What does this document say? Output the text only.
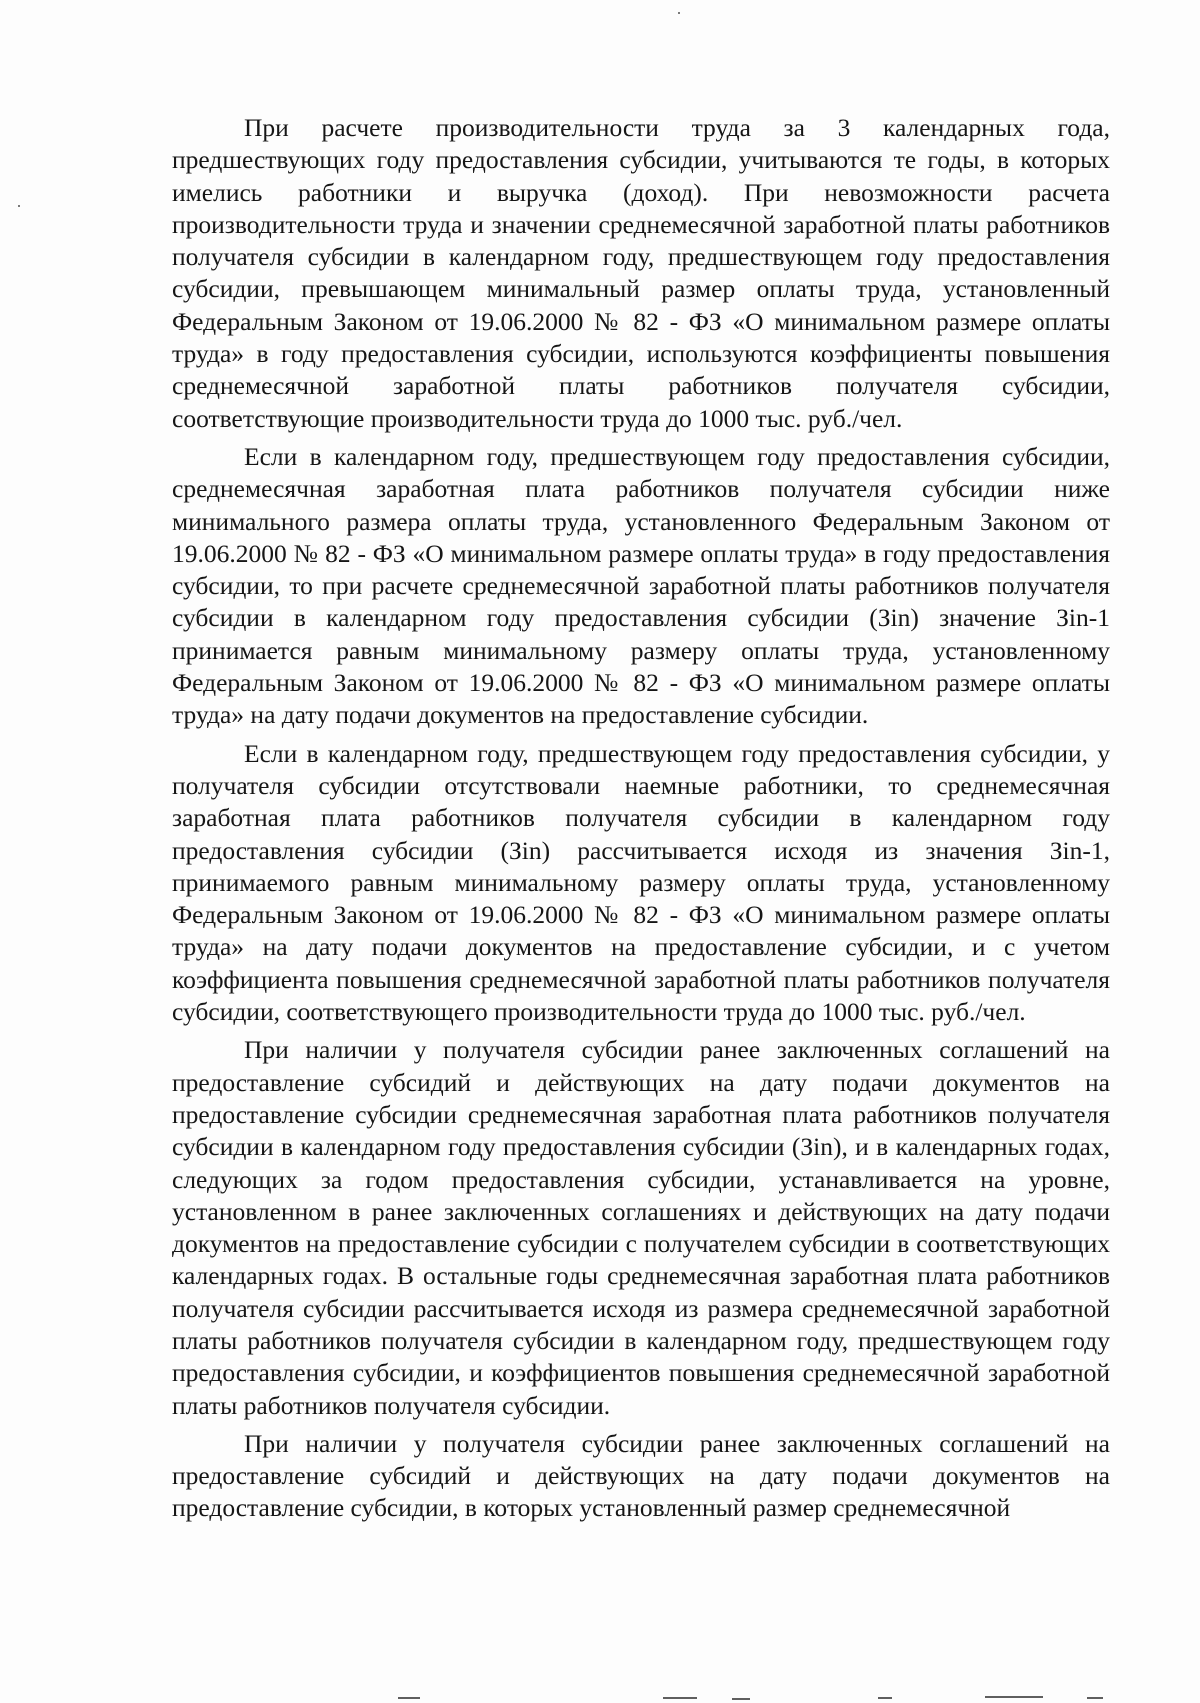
При расчете производительности труда за 3 календарных года, предшествующих году предоставления субсидии, учитываются те годы, в которых имелись работники и выручка (доход). При невозможности расчета производительности труда и значении среднемесячной заработной платы работников получателя субсидии в календарном году, предшествующем году предоставления субсидии, превышающем минимальный размер оплаты труда, установленный Федеральным Законом от 19.06.2000 № 82 - ФЗ «О минимальном размере оплаты труда» в году предоставления субсидии, используются коэффициенты повышения среднемесячной заработной платы работников получателя субсидии, соответствующие производительности труда до 1000 тыс. руб./чел.

Если в календарном году, предшествующем году предоставления субсидии, среднемесячная заработная плата работников получателя субсидии ниже минимального размера оплаты труда, установленного Федеральным Законом от 19.06.2000 № 82 - ФЗ «О минимальном размере оплаты труда» в году предоставления субсидии, то при расчете среднемесячной заработной платы работников получателя субсидии в календарном году предоставления субсидии (Зin) значение Зin-1 принимается равным минимальному размеру оплаты труда, установленному Федеральным Законом от 19.06.2000 № 82 - ФЗ «О минимальном размере оплаты труда» на дату подачи документов на предоставление субсидии.

Если в календарном году, предшествующем году предоставления субсидии, у получателя субсидии отсутствовали наемные работники, то среднемесячная заработная плата работников получателя субсидии в календарном году предоставления субсидии (Зin) рассчитывается исходя из значения Зin-1, принимаемого равным минимальному размеру оплаты труда, установленному Федеральным Законом от 19.06.2000 № 82 - ФЗ «О минимальном размере оплаты труда» на дату подачи документов на предоставление субсидии, и с учетом коэффициента повышения среднемесячной заработной платы работников получателя субсидии, соответствующего производительности труда до 1000 тыс. руб./чел.

При наличии у получателя субсидии ранее заключенных соглашений на предоставление субсидий и действующих на дату подачи документов на предоставление субсидии среднемесячная заработная плата работников получателя субсидии в календарном году предоставления субсидии (Зin), и в календарных годах, следующих за годом предоставления субсидии, устанавливается на уровне, установленном в ранее заключенных соглашениях и действующих на дату подачи документов на предоставление субсидии с получателем субсидии в соответствующих календарных годах. В остальные годы среднемесячная заработная плата работников получателя субсидии рассчитывается исходя из размера среднемесячной заработной платы работников получателя субсидии в календарном году, предшествующем году предоставления субсидии, и коэффициентов повышения среднемесячной заработной платы работников получателя субсидии.

При наличии у получателя субсидии ранее заключенных соглашений на предоставление субсидий и действующих на дату подачи документов на предоставление субсидии, в которых установленный размер среднемесячной
